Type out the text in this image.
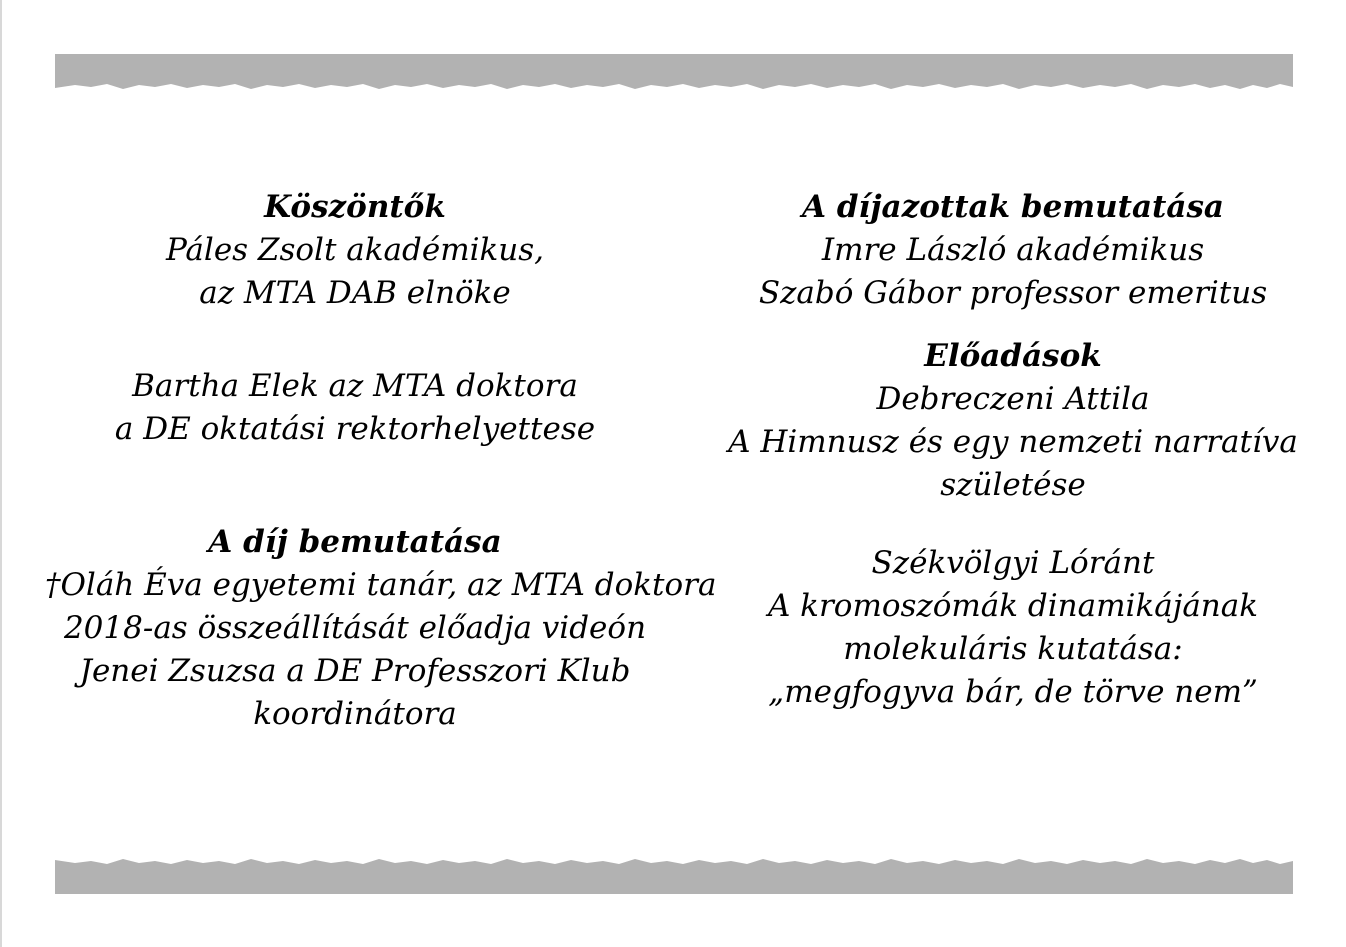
Köszöntők
Páles Zsolt akadémikus,
az MTA DAB elnöke
Bartha Elek az MTA doktora
a DE oktatási rektorhelyettese
A díj bemutatása
†Oláh Éva egyetemi tanár, az MTA doktora
2018-as összeállítását előadja videón
Jenei Zsuzsa a DE Professzori Klub
koordinátora
A díjazottak bemutatása
Imre László akadémikus
Szabó Gábor professor emeritus
Előadások
Debreczeni Attila
A Himnusz és egy nemzeti narratíva
születése
Székvölgyi Lóránt
A kromoszómák dinamikájának
molekuláris kutatása:
„megfogyva bár, de törve nem”
